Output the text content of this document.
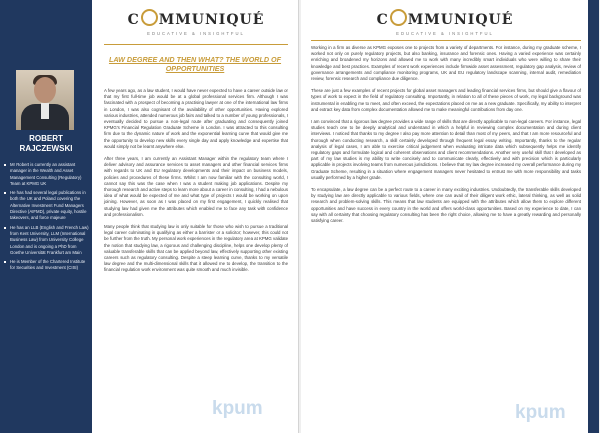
ROBERT
RAJCZEWSKI
Mr Robert is currently an assistant manager in the Wealth and Asset Management Consulting (Regulatory) Team at KPMG UK
He has had several legal publications in both the UK and Poland covering the Alternative Investment Fund Managers Directive (AIFMD), private equity, hostile takeovers, and force majeure
He has an LLB (English and French Law) from Kent University, LLM (International Business Law) from University College London and is ongoing a PhD from Goethe Universität Frankfurt am Main
He is Member of the Chartered Institute for Securities and Investment (CISI)
C MMUNIQUÉ
EDUCATIVE & INSIGHTFUL
LAW DEGREE AND THEN WHAT? THE WORLD OF OPPORTUNITIES

A few years ago, as a law student, I would have never expected to have a career outside law or that my first full-time job would be at a global professional services firm. Although I was fascinated with a prospect of becoming a practising lawyer at one of the international law firms in London, I was also cognisant of the availability of other opportunities. Having explored various industries, attended numerous job fairs and talked to a number of young professionals, I eventually decided to pursue a non-legal route after graduating and consequently joined KPMG's Financial Regulation Graduate Scheme in London. I was attracted to this consulting firm due to the dynamic nature of work and the exponential learning curve that would give me the opportunity to develop new skills every single day and apply knowledge and expertise that would simply not be learnt anywhere else.

After three years, I am currently an Assistant Manager within the regulatory team where I deliver advisory and assurance services to asset managers and other financial services firms with regards to UK and EU regulatory developments and their impact on business models, policies and procedures of these firms. Whilst I am now familiar with the consulting world, I cannot say this was the case when I was a student making job applications. Despite my thorough research and active steps to learn more about a career in consulting, I had a nebulous idea of what would be expected of me and what type of projects I would be working on upon joining. However, as soon as I was placed on my first engagement, I quickly realised that studying law had given me the attributes which enabled me to face any task with confidence and professionalism.

Many people think that studying law is only suitable for those who wish to pursue a traditional legal career culminating in qualifying as either a barrister or a solicitor; however, this could not be further from the truth. My personal work experiences in the regulatory area at KPMG validate the notion that studying law, a rigorous and challenging discipline, helps one develop plenty of valuable transferable skills that can be applied beyond law, effectively supporting other existing careers such as regulatory consulting. Despite a steep learning curve, thanks to my versatile law degree and the multi-dimensional skills that it allowed me to develop, the transition to the financial regulation work environment was quite smooth and much invisible.

kpum
C MMUNIQUÉ
EDUCATIVE & INSIGHTFUL

Working in a firm as diverse as KPMG exposes one to projects from a variety of departments. For instance, during my graduate scheme, I worked not only on purely regulatory projects, but also banking, insurance and forensic ones. Having a varied experience was certainly enriching and broadened my horizons and allowed me to work with many incredibly smart individuals who were willing to share their knowledge and best practices. Examples of recent work experiences include firmwide asset assessment, regulatory gap analysis, review of governance arrangements and compliance monitoring programs, UK and EU regulatory landscape scanning, internal audit, remediation review, forensic research and compliance due diligence.

These are just a few examples of recent projects for global asset managers and leading financial services firms, but should give a flavour of types of work to expect in the field of regulatory consulting. Importantly, in relation to all of these pieces of work, my legal background was instrumental in enabling me to meet, and often exceed, the expectations placed on me as a new graduate. Specifically, my ability to interpret and extract key data from complex documentation allowed me to make meaningful contributions from day one.

I am convinced that a rigorous law degree provides a wide range of skills that are directly applicable to non-legal careers. For instance, legal studies teach one to be deeply analytical and understand in which a helpful in reviewing complex documentation and during client interviews. I noticed that thanks to my degree I also pay more attention to detail than most of my peers, and that I am more resourceful and thorough when conducting research, a skill certainly developed through frequent legal essay writing. Importantly, thanks to the regular analysis of legal cases, I am able to exercise critical judgement when evaluating intricate data which subsequently helps me identify regulatory gaps and formulate logical and coherent observations and client recommendations. Another very useful skill that I developed as part of my law studies is my ability to write concisely and to communicate clearly, effectively and with precision which is particularly applicable in projects involving teams from numerous jurisdictions. I believe that my law degree increased my overall performance during my Graduate Scheme, resulting in a situation where engagement managers never hesitated to entrust me with more responsibility and tasks usually performed by a higher grade.

To encapsulate, a law degree can be a perfect route to a career in many exciting industries. Undoubtedly, the transferable skills developed by studying law are directly applicable to various fields, where one can avail of their diligent work ethic, lateral thinking, as well as solid research and problem-solving skills. This means that law students are equipped with the attributes which allow them to explore different opportunities and have success in every country in the world and offers world-class opportunities. Based on my experience to date, I can say with all certainty that choosing regulatory consulting has been the right choice, allowing me to have a greatly rewarding and personally satisfying career.

kpum
